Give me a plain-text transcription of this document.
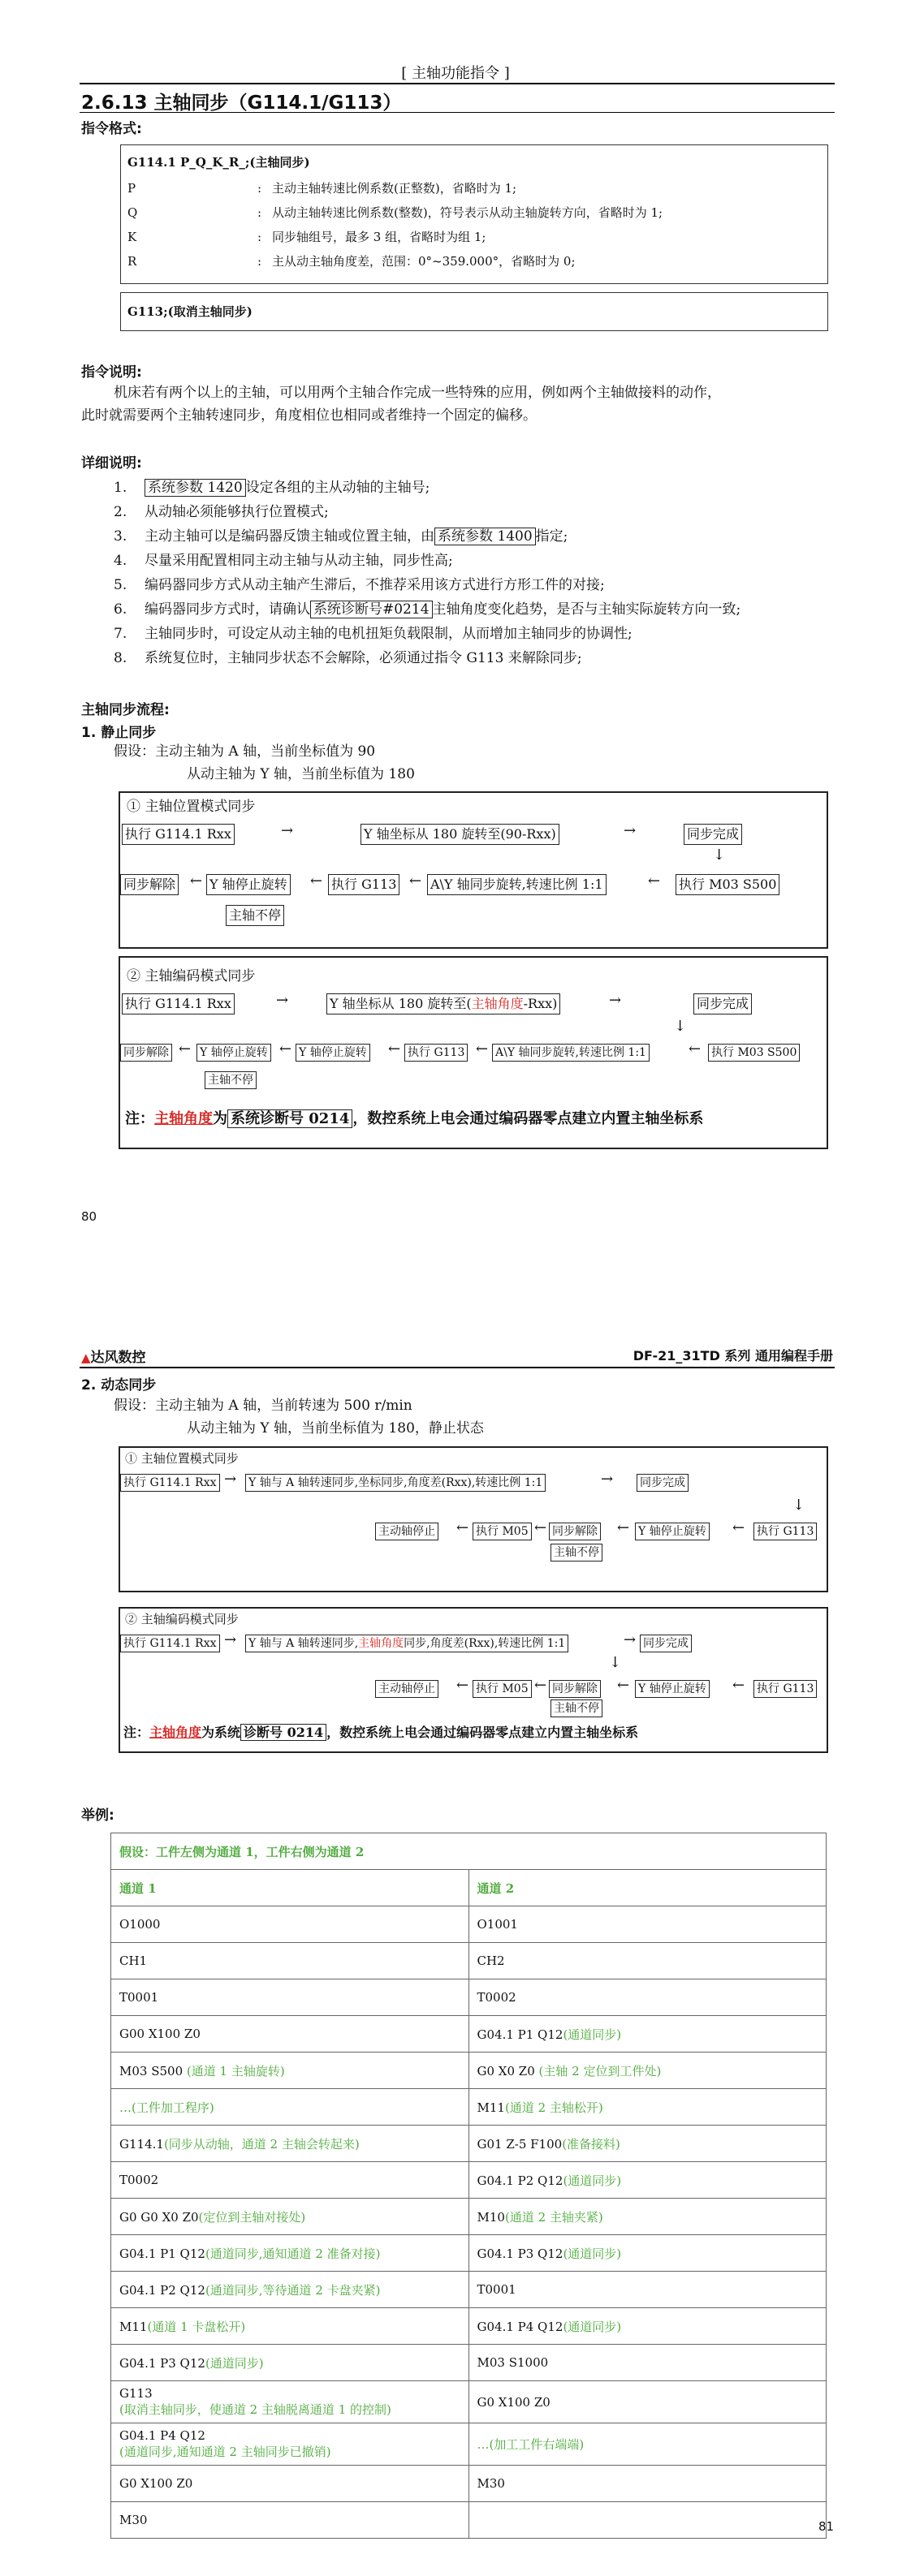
[ 主轴功能指令 ]
2.6.13 主轴同步（G114.1/G113）
指令格式:
G114.1 P_Q_K_R_;(主轴同步)
P	: 主动主轴转速比例系数(正整数)，省略时为 1;
Q	: 从动主轴转速比例系数(整数)，符号表示从动主轴旋转方向，省略时为 1;
K	: 同步轴组号，最多 3 组，省略时为组 1;
R	: 主从动主轴角度差，范围：0°~359.000°，省略时为 0;
G113;(取消主轴同步)
指令说明:
机床若有两个以上的主轴，可以用两个主轴合作完成一些特殊的应用，例如两个主轴做接料的动作，
此时就需要两个主轴转速同步，角度相位也相同或者维持一个固定的偏移。
详细说明:
1. 系统参数 1420 设定各组的主从动轴的主轴号;
2. 从动轴必须能够执行位置模式;
3. 主动主轴可以是编码器反馈主轴或位置主轴，由 系统参数 1400 指定;
4. 尽量采用配置相同主动主轴与从动主轴，同步性高;
5. 编码器同步方式从动主轴产生滞后，不推荐采用该方式进行方形工件的对接;
6. 编码器同步方式时，请确认 系统诊断号#0214 主轴角度变化趋势，是否与主轴实际旋转方向一致;
7. 主轴同步时，可设定从动主轴的电机扭矩负载限制，从而增加主轴同步的协调性;
8. 系统复位时，主轴同步状态不会解除，必须通过指令 G113 来解除同步;
主轴同步流程:
1. 静止同步
假设：主动主轴为 A 轴，当前坐标值为 90
从动主轴为 Y 轴，当前坐标值为 180
① 主轴位置模式同步
执行 G114.1 Rxx	→	Y 轴坐标从 180 旋转至(90-Rxx)	→	同步完成
↓
同步解除 ← Y 轴停止旋转 ← 执行 G113 ← A\Y 轴同步旋转,转速比例 1:1	← 执行 M03 S500
主轴不停
② 主轴编码模式同步
执行 G114.1 Rxx	→	Y 轴坐标从 180 旋转至(主轴角度-Rxx)	→	同步完成
↓
同步解除 ← Y 轴停止旋转 ← Y 轴停止旋转 ← 执行 G113 ← A\Y 轴同步旋转,转速比例 1:1	← 执行 M03 S500
主轴不停
注：主轴角度为 系统诊断号 0214 ，数控系统上电会通过编码器零点建立内置主轴坐标系
80
▲达风数控	DF-21_31TD 系列 通用编程手册
2. 动态同步
假设：主动主轴为 A 轴，当前转速为 500 r/min
从动主轴为 Y 轴，当前坐标值为 180，静止状态
① 主轴位置模式同步
执行 G114.1 Rxx → Y 轴与 A 轴转速同步,坐标同步,角度差(Rxx),转速比例 1:1	→ 同步完成
↓
主动轴停止 ← 执行 M05 ← 同步解除 ← Y 轴停止旋转 ← 执行 G113
主轴不停
② 主轴编码模式同步
执行 G114.1 Rxx → Y 轴与 A 轴转速同步,主轴角度同步,角度差(Rxx),转速比例 1:1	→ 同步完成
↓
主动轴停止 ← 执行 M05 ← 同步解除 ← Y 轴停止旋转 ← 执行 G113
主轴不停
注：主轴角度为系统 诊断号 0214 ，数控系统上电会通过编码器零点建立内置主轴坐标系
举例:
假设：工件左侧为通道 1，工件右侧为通道 2	
通道 1	通道 2
O1000	O1001
CH1	CH2
T0001	T0002
G00 X100 Z0	G04.1 P1 Q12(通道同步)
M03 S500 (通道 1 主轴旋转)	G0 X0 Z0 (主轴 2 定位到工件处)
…(工件加工程序)	M11(通道 2 主轴松开)
G114.1(同步从动轴，通道 2 主轴会转起来)	G01 Z-5 F100(准备接料)
T0002	G04.1 P2 Q12(通道同步)
G0 G0 X0 Z0(定位到主轴对接处)	M10(通道 2 主轴夹紧)
G04.1 P1 Q12(通道同步,通知通道 2 准备对接)	G04.1 P3 Q12(通道同步)
G04.1 P2 Q12(通道同步,等待通道 2 卡盘夹紧)	T0001
M11(通道 1 卡盘松开)	G04.1 P4 Q12(通道同步)
G04.1 P3 Q12(通道同步)	M03 S1000
G113
(取消主轴同步，使通道 2 主轴脱离通道 1 的控制)	G0 X100 Z0
G04.1 P4 Q12
(通道同步,通知通道 2 主轴同步已撤销)	…(加工工件右端端)
G0 X100 Z0	M30
M30		81
